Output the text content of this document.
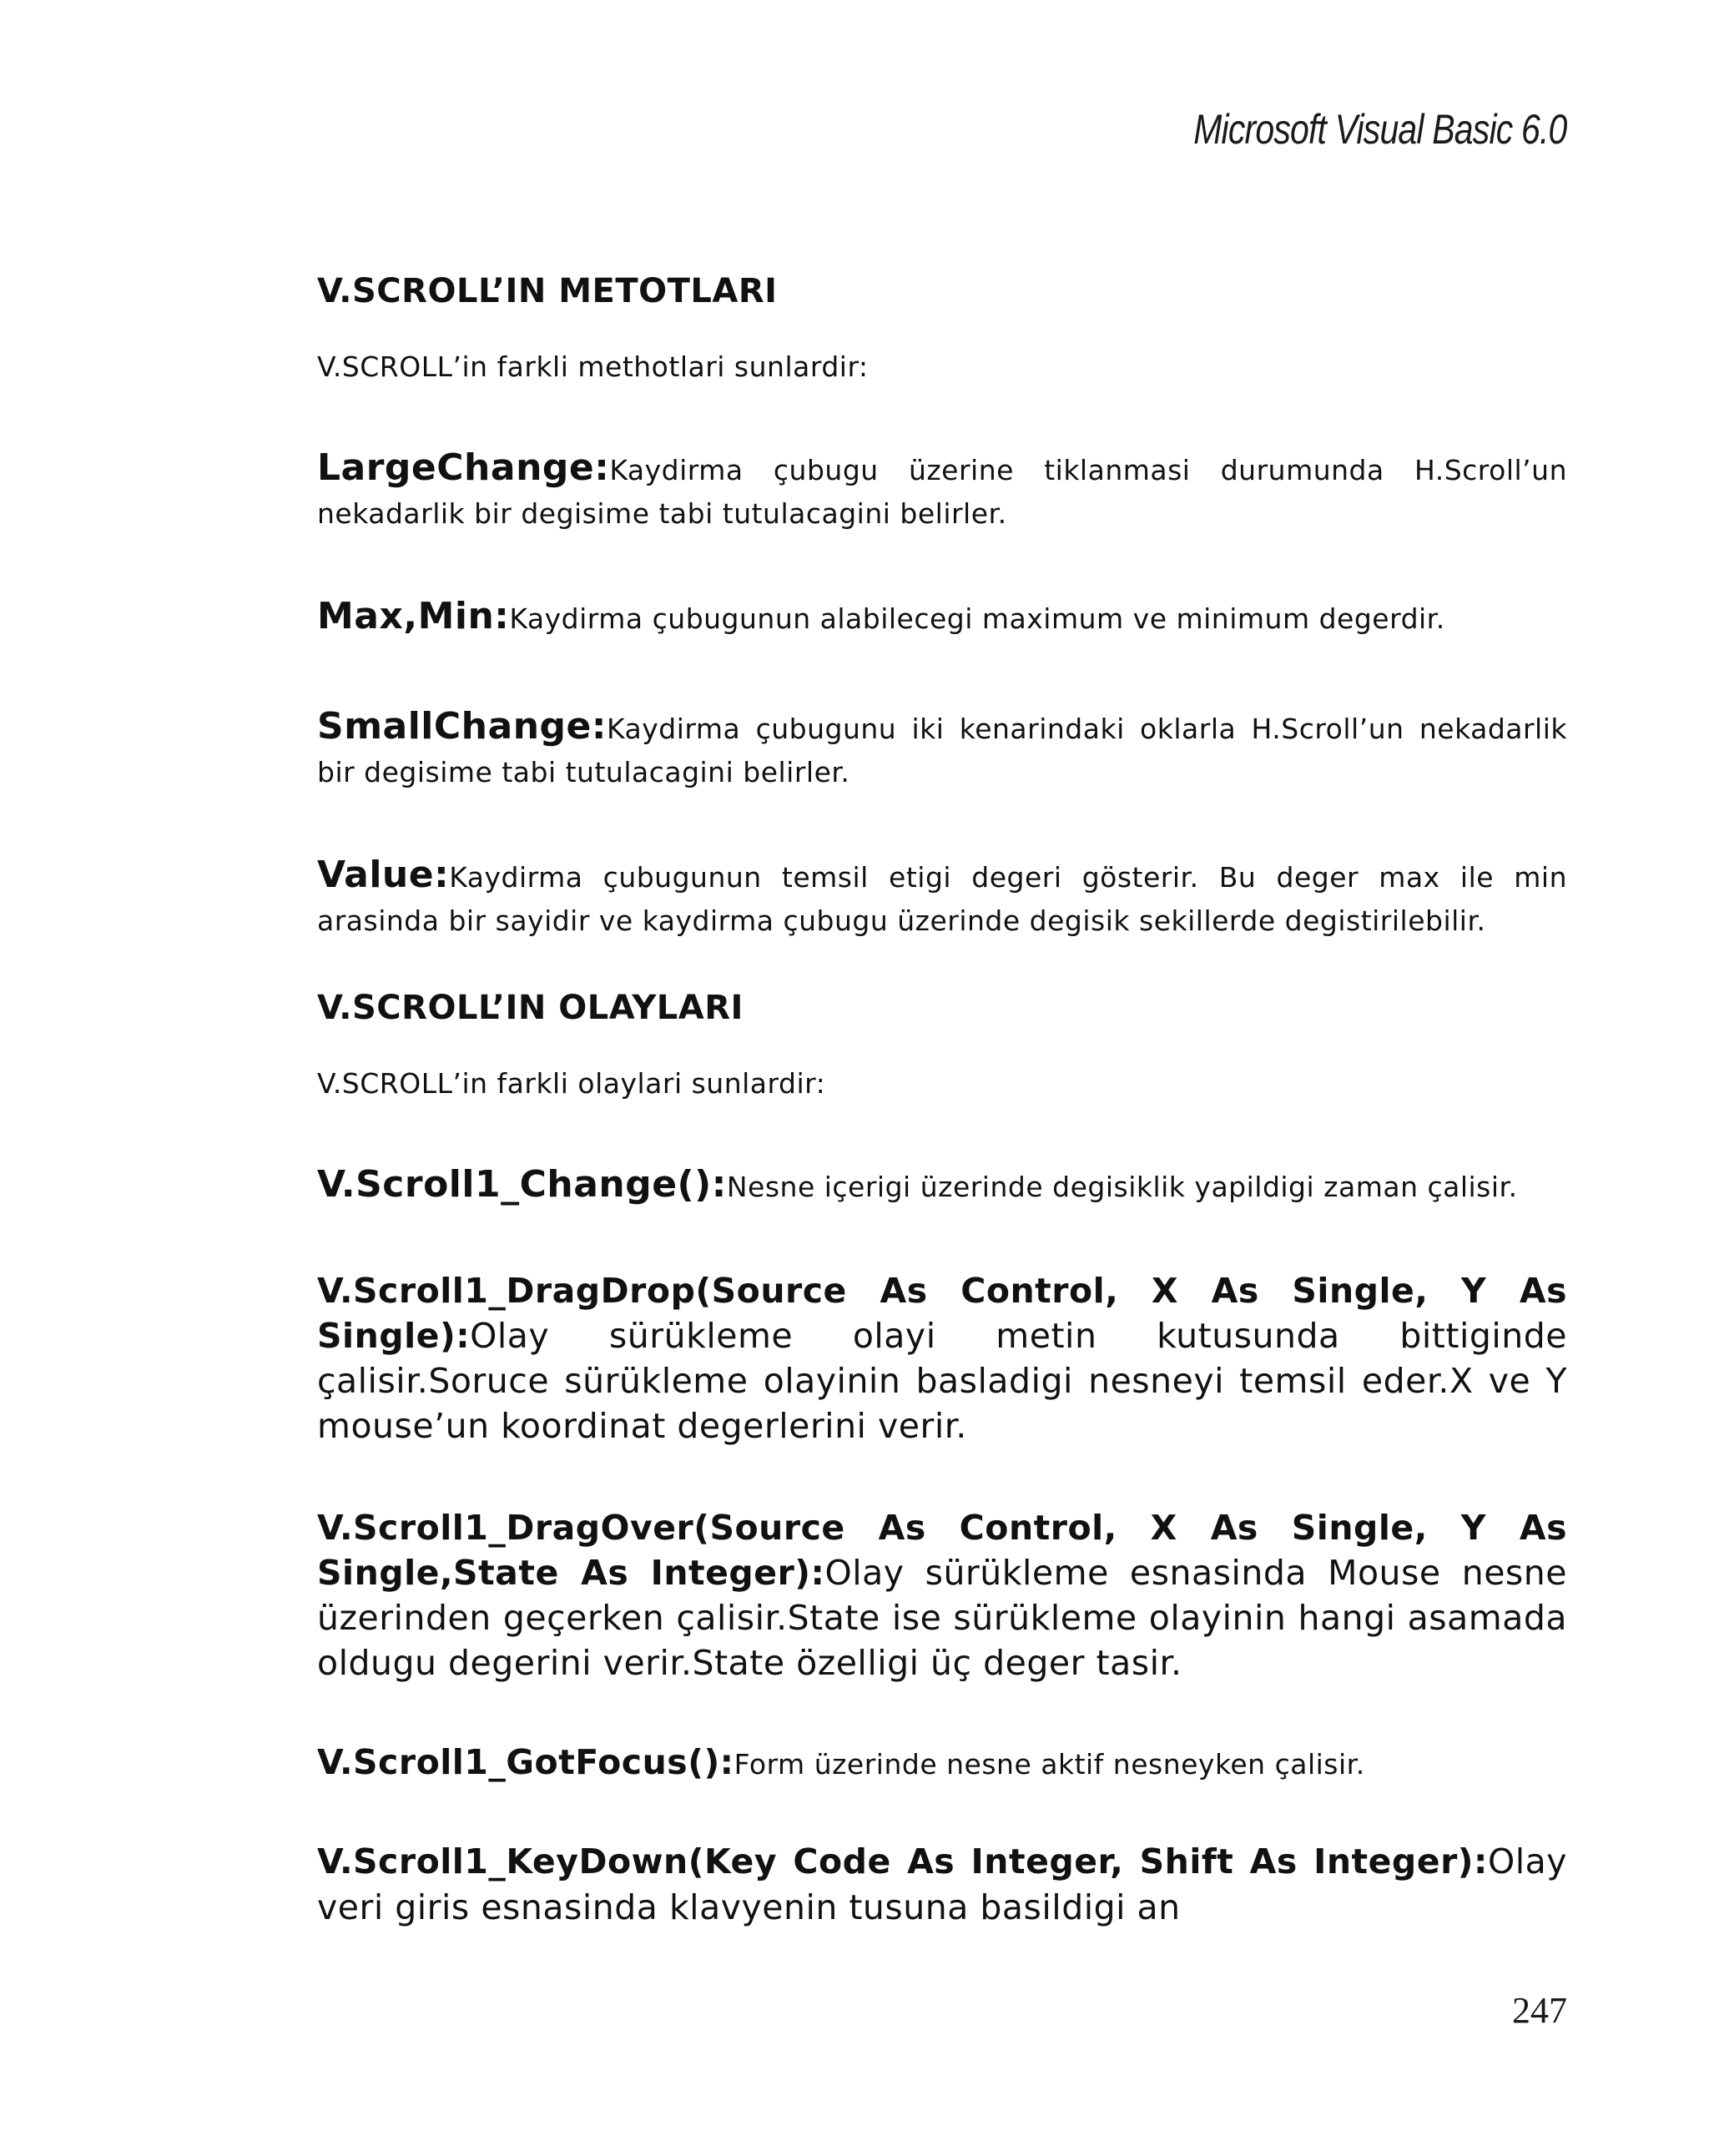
Microsoft Visual Basic 6.0
V.SCROLL’IN METOTLARI
V.SCROLL’in farkli methotlari sunlardir:
LargeChange:Kaydirma çubugu üzerine tiklanmasi durumunda H.Scroll’un nekadarlik bir degisime tabi tutulacagini belirler.
Max,Min:Kaydirma çubugunun alabilecegi maximum ve minimum degerdir.
SmallChange:Kaydirma çubugunu iki kenarindaki oklarla H.Scroll’un nekadarlik bir degisime tabi tutulacagini belirler.
Value:Kaydirma çubugunun temsil etigi degeri gösterir. Bu deger max ile min arasinda bir sayidir ve kaydirma çubugu üzerinde degisik sekillerde degistirilebilir.
V.SCROLL’IN OLAYLARI
V.SCROLL’in farkli olaylari sunlardir:
V.Scroll1_Change():Nesne içerigi üzerinde degisiklik yapildigi zaman çalisir.
V.Scroll1_DragDrop(Source As Control, X As Single, Y As Single):Olay sürükleme olayi metin kutusunda bittiginde çalisir.Soruce sürükleme olayinin basladigi nesneyi temsil eder.X ve Y mouse’un koordinat degerlerini verir.
V.Scroll1_DragOver(Source As Control, X As Single, Y As Single,State As Integer):Olay sürükleme esnasinda Mouse nesne üzerinden geçerken çalisir.State ise sürükleme olayinin hangi asamada oldugu degerini verir.State özelligi üç deger tasir.
V.Scroll1_GotFocus():Form üzerinde nesne aktif nesneyken çalisir.
V.Scroll1_KeyDown(Key Code As Integer, Shift As Integer):Olay veri giris esnasinda klavyenin tusuna basildigi an
247
